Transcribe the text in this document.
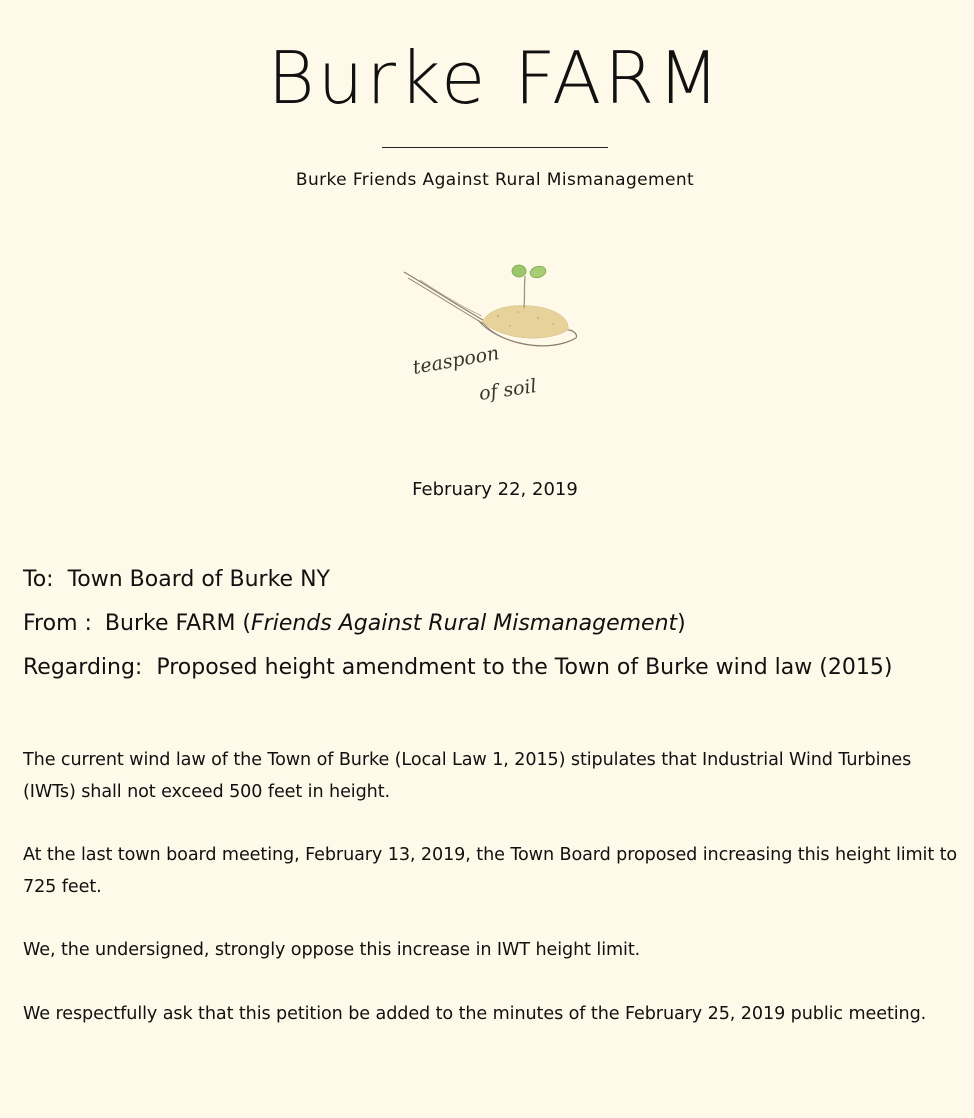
Burke FARM
Burke Friends Against Rural Mismanagement
teaspoon
of soil
February 22, 2019
To: Town Board of Burke NY
From : Burke FARM (Friends Against Rural Mismanagement)
Regarding: Proposed height amendment to the Town of Burke wind law (2015)

The current wind law of the Town of Burke (Local Law 1, 2015) stipulates that Industrial Wind Turbines (IWTs) shall not exceed 500 feet in height.

At the last town board meeting, February 13, 2019, the Town Board proposed increasing this height limit to 725 feet.

We, the undersigned, strongly oppose this increase in IWT height limit.

We respectfully ask that this petition be added to the minutes of the February 25, 2019 public meeting.
